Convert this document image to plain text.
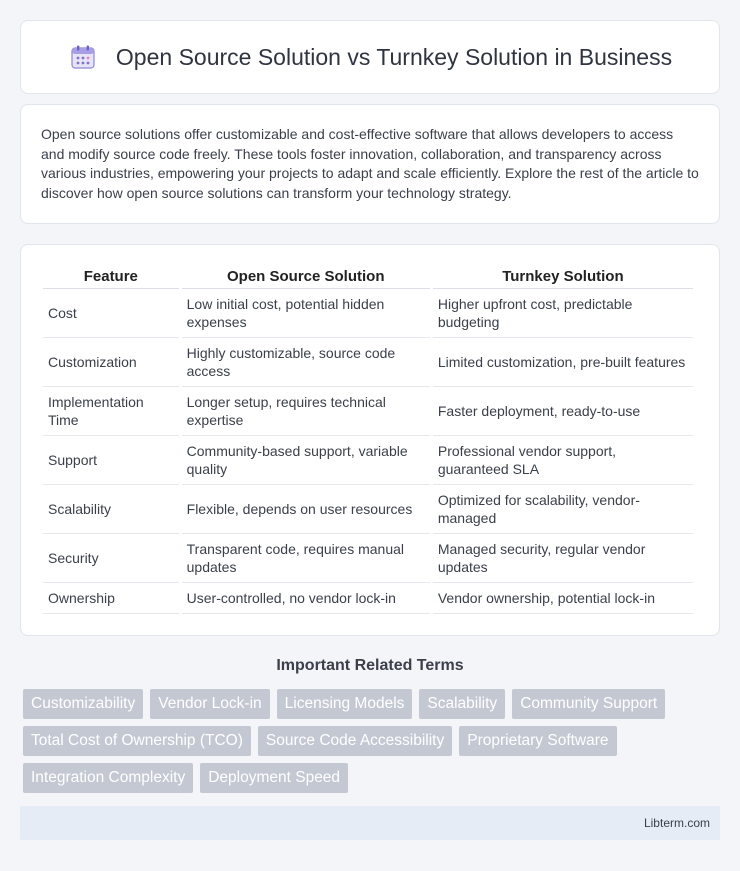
Open Source Solution vs Turnkey Solution in Business

Open source solutions offer customizable and cost-effective software that allows developers to access and modify source code freely. These tools foster innovation, collaboration, and transparency across various industries, empowering your projects to adapt and scale efficiently. Explore the rest of the article to discover how open source solutions can transform your technology strategy.

Feature	Open Source Solution	Turnkey Solution
Cost	Low initial cost, potential hidden expenses	Higher upfront cost, predictable budgeting
Customization	Highly customizable, source code access	Limited customization, pre-built features
Implementation Time	Longer setup, requires technical expertise	Faster deployment, ready-to-use
Support	Community-based support, variable quality	Professional vendor support, guaranteed SLA
Scalability	Flexible, depends on user resources	Optimized for scalability, vendor-managed
Security	Transparent code, requires manual updates	Managed security, regular vendor updates
Ownership	User-controlled, no vendor lock-in	Vendor ownership, potential lock-in
Important Related Terms
Customizability	Vendor Lock-in	Licensing Models	Scalability	Community Support
Total Cost of Ownership (TCO)	Source Code Accessibility	Proprietary Software
Integration Complexity	Deployment Speed
Libterm.com
